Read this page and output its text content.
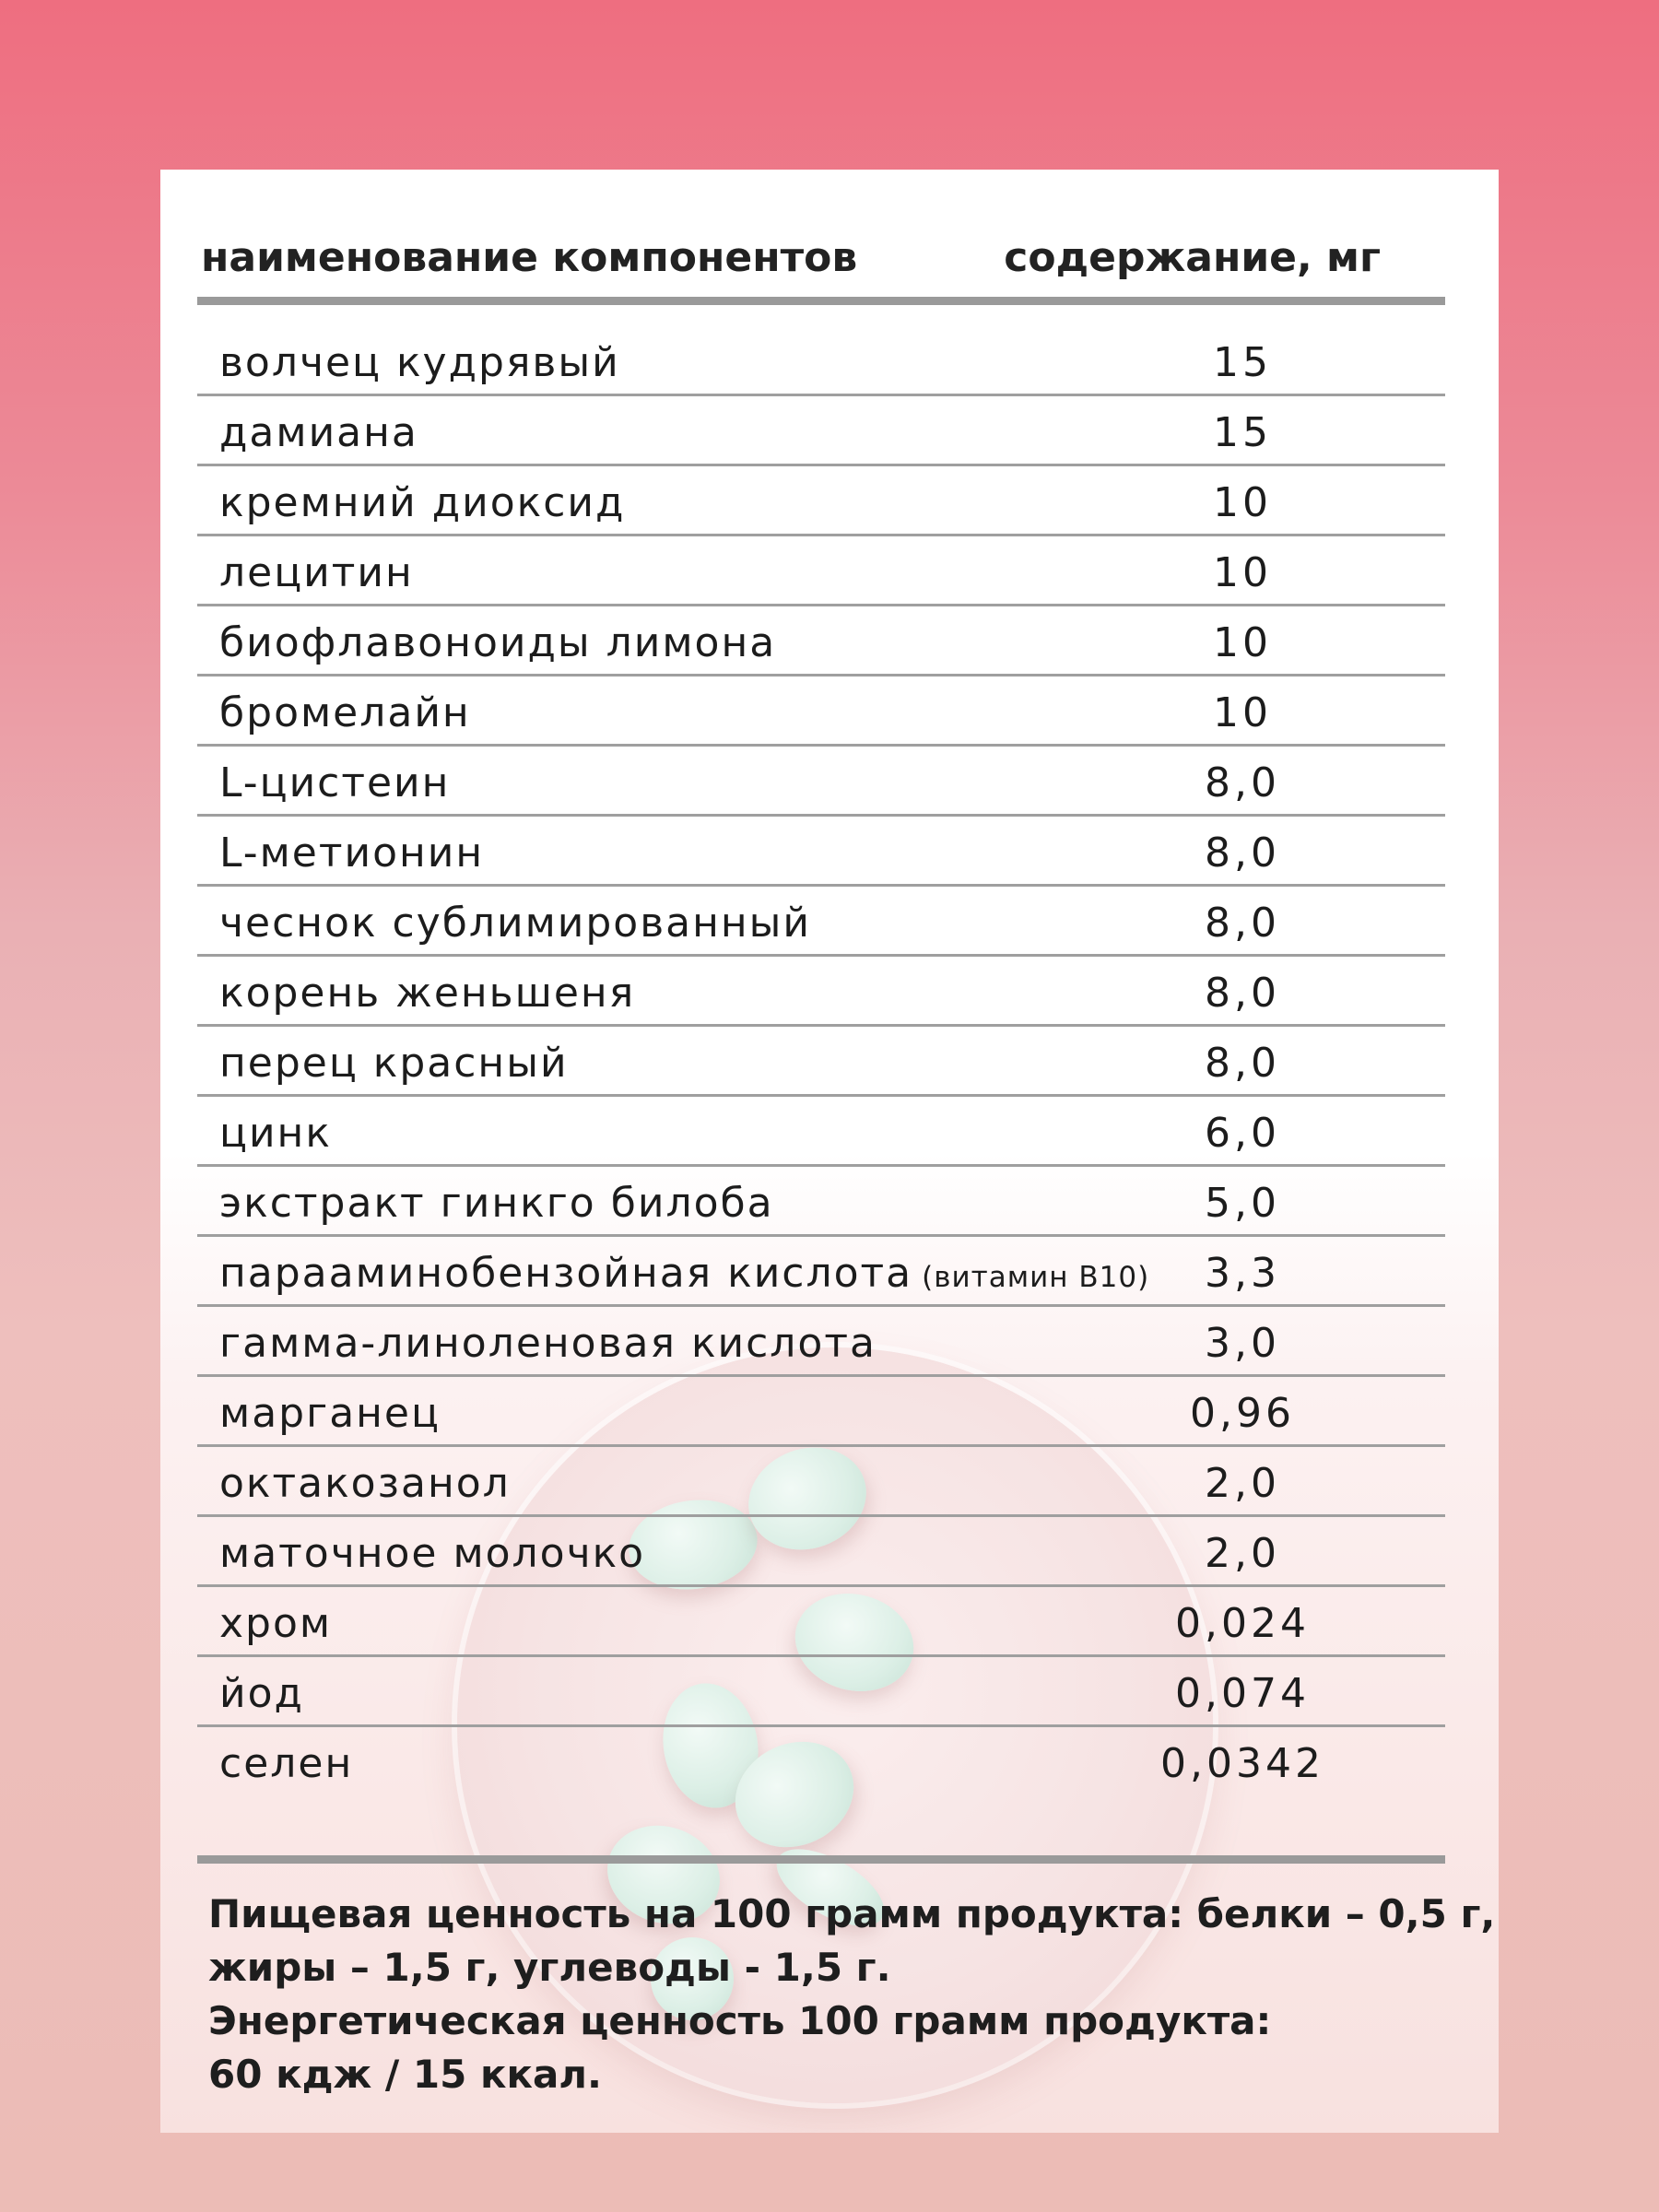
наименование компонентов	содержание, мг
волчец кудрявый	15
дамиана	15
кремний диоксид	10
лецитин	10
биофлавоноиды лимона	10
бромелайн	10
L-цистеин	8,0
L-метионин	8,0
чеснок сублимированный	8,0
корень женьшеня	8,0
перец красный	8,0
цинк	6,0
экстракт гинкго билоба	5,0
парааминобензойная кислота (витамин В10) 3,3
гамма-линоленовая кислота	3,0
марганец	0,96
октакозанол	2,0
маточное молочко	2,0
хром	0,024
йод	0,074
селен	0,0342
Пищевая ценность на 100 грамм продукта: белки – 0,5 г,
жиры – 1,5 г, углеводы - 1,5 г.
Энергетическая ценность 100 грамм продукта:
60 кдж / 15 ккал.
